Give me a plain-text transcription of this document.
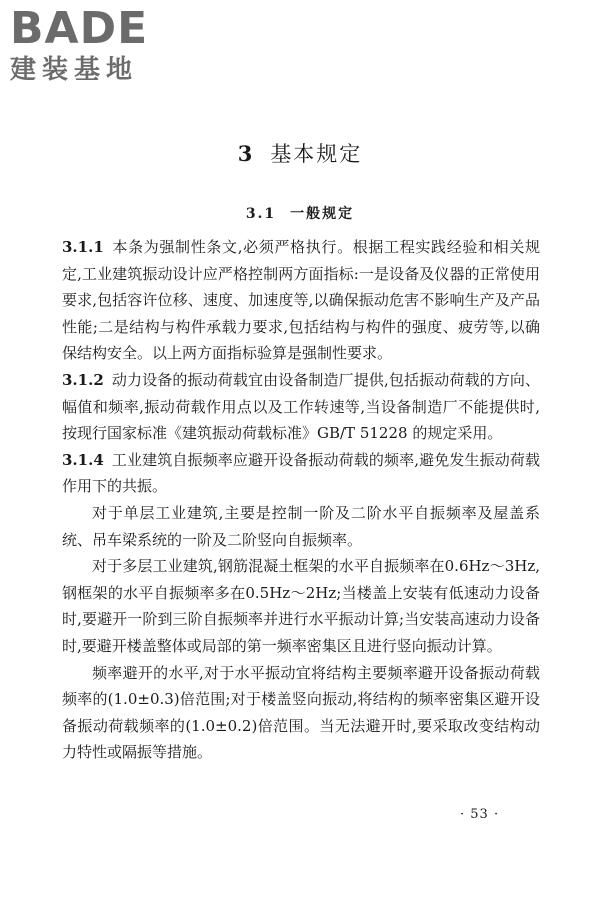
BADE
建装基地
3 基本规定
3.1 一般规定

3.1.1 本条为强制性条文,必须严格执行。根据工程实践经验和相关规定,工业建筑振动设计应严格控制两方面指标:一是设备及仪器的正常使用要求,包括容许位移、速度、加速度等,以确保振动危害不影响生产及产品性能;二是结构与构件承载力要求,包括结构与构件的强度、疲劳等,以确保结构安全。以上两方面指标验算是强制性要求。

3.1.2 动力设备的振动荷载宜由设备制造厂提供,包括振动荷载的方向、幅值和频率,振动荷载作用点以及工作转速等,当设备制造厂不能提供时,按现行国家标准《建筑振动荷载标准》GB/T 51228 的规定采用。

3.1.4 工业建筑自振频率应避开设备振动荷载的频率,避免发生振动荷载作用下的共振。

对于单层工业建筑,主要是控制一阶及二阶水平自振频率及屋盖系统、吊车梁系统的一阶及二阶竖向自振频率。

对于多层工业建筑,钢筋混凝土框架的水平自振频率在0.6Hz～3Hz,钢框架的水平自振频率多在0.5Hz～2Hz;当楼盖上安装有低速动力设备时,要避开一阶到三阶自振频率并进行水平振动计算;当安装高速动力设备时,要避开楼盖整体或局部的第一频率密集区且进行竖向振动计算。

频率避开的水平,对于水平振动宜将结构主要频率避开设备振动荷载频率的(1.0±0.3)倍范围;对于楼盖竖向振动,将结构的频率密集区避开设备振动荷载频率的(1.0±0.2)倍范围。当无法避开时,要采取改变结构动力特性或隔振等措施。

· 53 ·
